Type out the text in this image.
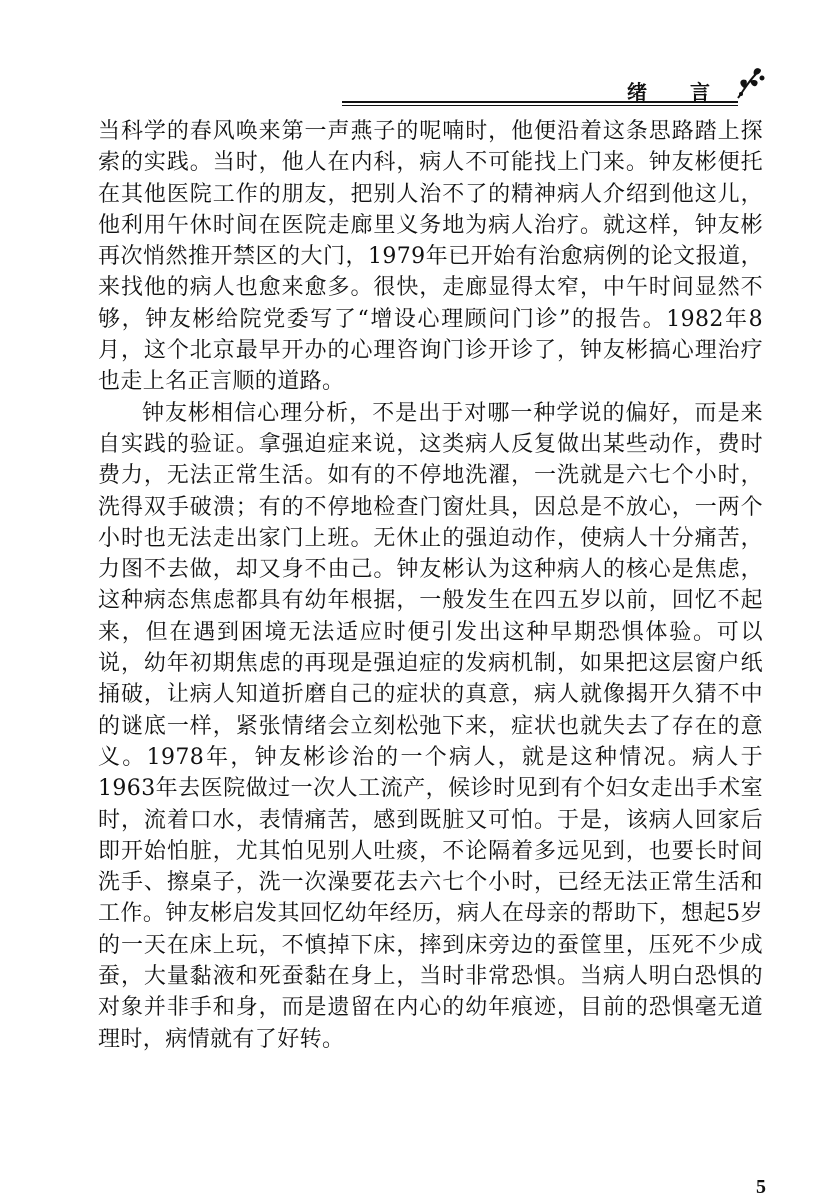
绪 言

当科学的春风唤来第一声燕子的呢喃时，他便沿着这条思路踏上探索的实践。当时，他人在内科，病人不可能找上门来。钟友彬便托在其他医院工作的朋友，把别人治不了的精神病人介绍到他这儿，他利用午休时间在医院走廊里义务地为病人治疗。就这样，钟友彬再次悄然推开禁区的大门，1979年已开始有治愈病例的论文报道，来找他的病人也愈来愈多。很快，走廊显得太窄，中午时间显然不够，钟友彬给院党委写了“增设心理顾问门诊”的报告。1982年8月，这个北京最早开办的心理咨询门诊开诊了，钟友彬搞心理治疗也走上名正言顺的道路。

钟友彬相信心理分析，不是出于对哪一种学说的偏好，而是来自实践的验证。拿强迫症来说，这类病人反复做出某些动作，费时费力，无法正常生活。如有的不停地洗濯，一洗就是六七个小时，洗得双手破溃；有的不停地检查门窗灶具，因总是不放心，一两个小时也无法走出家门上班。无休止的强迫动作，使病人十分痛苦，力图不去做，却又身不由己。钟友彬认为这种病人的核心是焦虑，这种病态焦虑都具有幼年根据，一般发生在四五岁以前，回忆不起来，但在遇到困境无法适应时便引发出这种早期恐惧体验。可以说，幼年初期焦虑的再现是强迫症的发病机制，如果把这层窗户纸捅破，让病人知道折磨自己的症状的真意，病人就像揭开久猜不中的谜底一样，紧张情绪会立刻松弛下来，症状也就失去了存在的意义。1978年，钟友彬诊治的一个病人，就是这种情况。病人于1963年去医院做过一次人工流产，候诊时见到有个妇女走出手术室时，流着口水，表情痛苦，感到既脏又可怕。于是，该病人回家后即开始怕脏，尤其怕见别人吐痰，不论隔着多远见到，也要长时间洗手、擦桌子，洗一次澡要花去六七个小时，已经无法正常生活和工作。钟友彬启发其回忆幼年经历，病人在母亲的帮助下，想起5岁的一天在床上玩，不慎掉下床，摔到床旁边的蚕筐里，压死不少成蚕，大量黏液和死蚕黏在身上，当时非常恐惧。当病人明白恐惧的对象并非手和身，而是遗留在内心的幼年痕迹，目前的恐惧毫无道理时，病情就有了好转。

5
